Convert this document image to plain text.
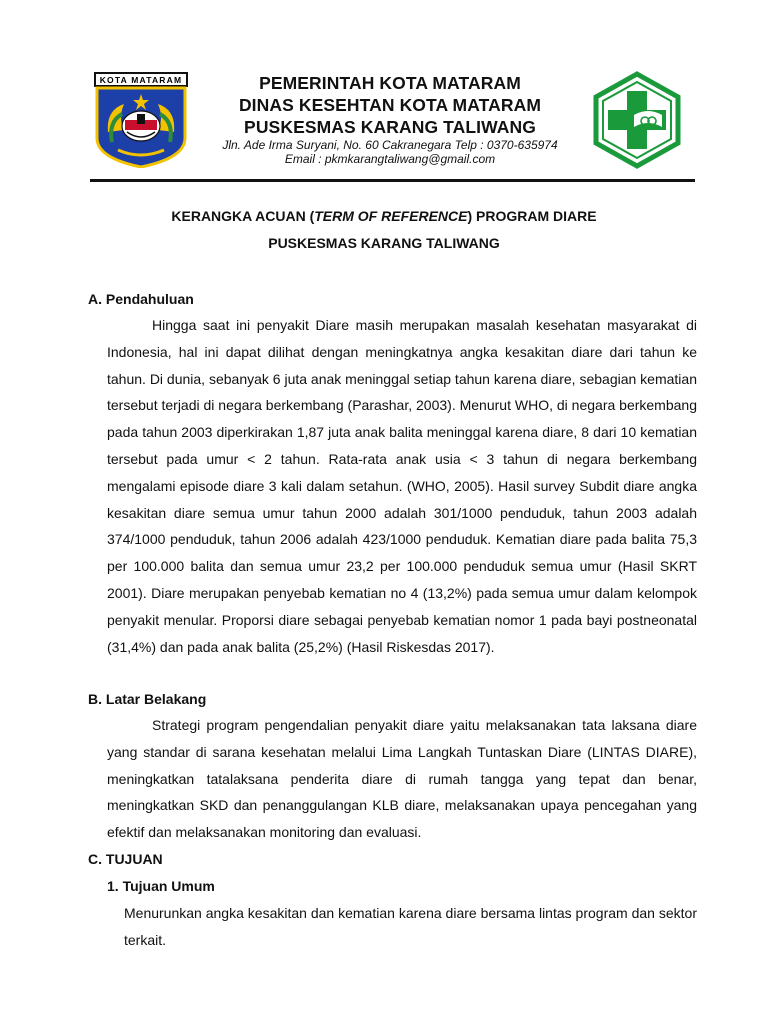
KOTA MATARAM	PEMERINTAH KOTA MATARAM
DINAS KESEHTAN KOTA MATARAM
PUSKESMAS KARANG TALIWANG
Jln. Ade Irma Suryani, No. 60 Cakranegara Telp : 0370-635974
Email : pkmkarangtaliwang@gmail.com
KERANGKA ACUAN (TERM OF REFERENCE) PROGRAM DIARE
PUSKESMAS KARANG TALIWANG
A. Pendahuluan

Hingga saat ini penyakit Diare masih merupakan masalah kesehatan masyarakat di Indonesia, hal ini dapat dilihat dengan meningkatnya angka kesakitan diare dari tahun ke tahun. Di dunia, sebanyak 6 juta anak meninggal setiap tahun karena diare, sebagian kematian tersebut terjadi di negara berkembang (Parashar, 2003). Menurut WHO, di negara berkembang pada tahun 2003 diperkirakan 1,87 juta anak balita meninggal karena diare, 8 dari 10 kematian tersebut pada umur < 2 tahun. Rata-rata anak usia < 3 tahun di negara berkembang mengalami episode diare 3 kali dalam setahun. (WHO, 2005). Hasil survey Subdit diare angka kesakitan diare semua umur tahun 2000 adalah 301/1000 penduduk, tahun 2003 adalah 374/1000 penduduk, tahun 2006 adalah 423/1000 penduduk. Kematian diare pada balita 75,3 per 100.000 balita dan semua umur 23,2 per 100.000 penduduk semua umur (Hasil SKRT 2001). Diare merupakan penyebab kematian no 4 (13,2%) pada semua umur dalam kelompok penyakit menular. Proporsi diare sebagai penyebab kematian nomor 1 pada bayi postneonatal (31,4%) dan pada anak balita (25,2%) (Hasil Riskesdas 2017).

B. Latar Belakang

Strategi program pengendalian penyakit diare yaitu melaksanakan tata laksana diare yang standar di sarana kesehatan melalui Lima Langkah Tuntaskan Diare (LINTAS DIARE), meningkatkan tatalaksana penderita diare di rumah tangga yang tepat dan benar, meningkatkan SKD dan penanggulangan KLB diare, melaksanakan upaya pencegahan yang efektif dan melaksanakan monitoring dan evaluasi.

C. TUJUAN
1. Tujuan Umum

Menurunkan angka kesakitan dan kematian karena diare bersama lintas program dan sektor terkait.
